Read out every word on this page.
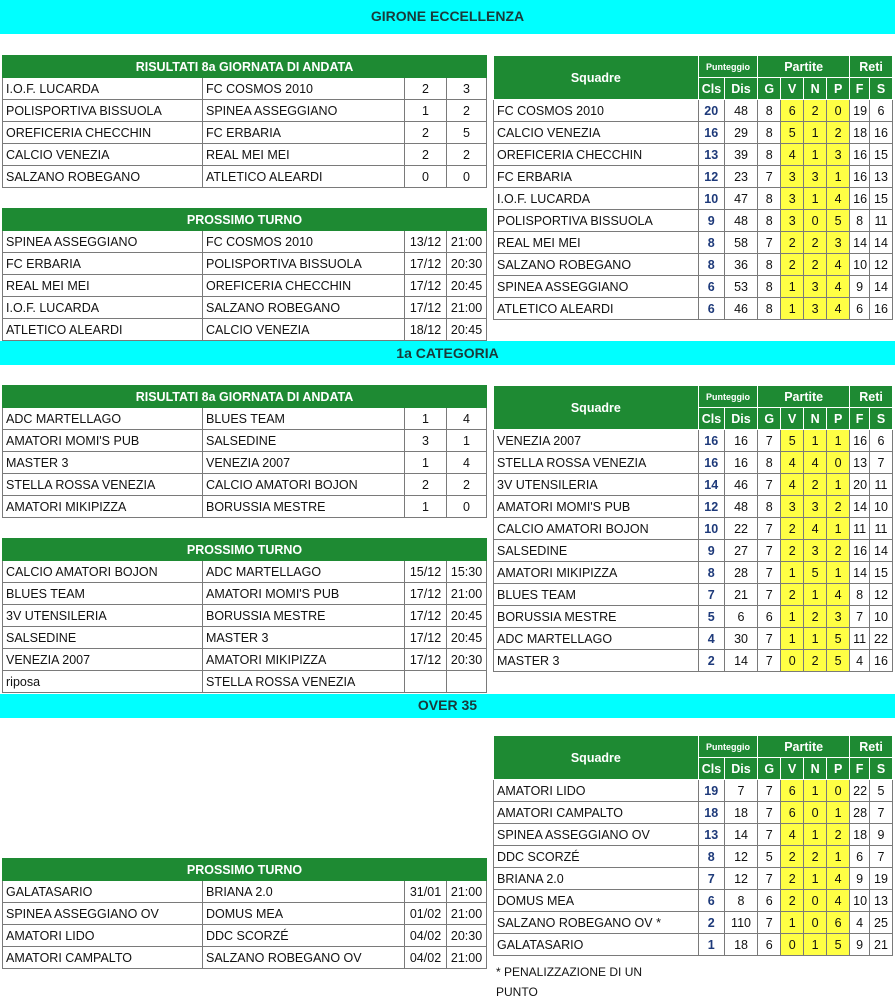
GIRONE ECCELLENZA
1a CATEGORIA
OVER 35
RISULTATI 8a GIORNATA DI ANDATA			
I.O.F. LUCARDA	FC COSMOS 2010	2	3
POLISPORTIVA BISSUOLA	SPINEA ASSEGGIANO	1	2
OREFICERIA CHECCHIN	FC ERBARIA	2	5
CALCIO VENEZIA	REAL MEI MEI	2	2
SALZANO ROBEGANO	ATLETICO ALEARDI	0	0
PROSSIMO TURNO			
SPINEA ASSEGGIANO	FC COSMOS 2010	13/12	21:00
FC ERBARIA	POLISPORTIVA BISSUOLA	17/12	20:30
REAL MEI MEI	OREFICERIA CHECCHIN	17/12	20:45
I.O.F. LUCARDA	SALZANO ROBEGANO	17/12	21:00
ATLETICO ALEARDI	CALCIO VENEZIA	18/12	20:45
Squadre	Punteggio		Partite				Reti	
	Cls	Dis	G	V	N	P	F	S
FC COSMOS 2010	20	48	8	6	2	0	19	6
CALCIO VENEZIA	16	29	8	5	1	2	18	16
OREFICERIA CHECCHIN	13	39	8	4	1	3	16	15
FC ERBARIA	12	23	7	3	3	1	16	13
I.O.F. LUCARDA	10	47	8	3	1	4	16	15
POLISPORTIVA BISSUOLA	9	48	8	3	0	5	8	11
REAL MEI MEI	8	58	7	2	2	3	14	14
SALZANO ROBEGANO	8	36	8	2	2	4	10	12
SPINEA ASSEGGIANO	6	53	8	1	3	4	9	14
ATLETICO ALEARDI	6	46	8	1	3	4	6	16
RISULTATI 8a GIORNATA DI ANDATA			
ADC MARTELLAGO	BLUES TEAM	1	4
AMATORI MOMI'S PUB	SALSEDINE	3	1
MASTER 3	VENEZIA 2007	1	4
STELLA ROSSA VENEZIA	CALCIO AMATORI BOJON	2	2
AMATORI MIKIPIZZA	BORUSSIA MESTRE	1	0
PROSSIMO TURNO			
CALCIO AMATORI BOJON	ADC MARTELLAGO	15/12	15:30
BLUES TEAM	AMATORI MOMI'S PUB	17/12	21:00
3V UTENSILERIA	BORUSSIA MESTRE	17/12	20:45
SALSEDINE	MASTER 3	17/12	20:45
VENEZIA 2007	AMATORI MIKIPIZZA	17/12	20:30
riposa	STELLA ROSSA VENEZIA		
Squadre	Punteggio		Partite				Reti	
	Cls	Dis	G	V	N	P	F	S
VENEZIA 2007	16	16	7	5	1	1	16	6
STELLA ROSSA VENEZIA	16	16	8	4	4	0	13	7
3V UTENSILERIA	14	46	7	4	2	1	20	11
AMATORI MOMI'S PUB	12	48	8	3	3	2	14	10
CALCIO AMATORI BOJON	10	22	7	2	4	1	11	11
SALSEDINE	9	27	7	2	3	2	16	14
AMATORI MIKIPIZZA	8	28	7	1	5	1	14	15
BLUES TEAM	7	21	7	2	1	4	8	12
BORUSSIA MESTRE	5	6	6	1	2	3	7	10
ADC MARTELLAGO	4	30	7	1	1	5	11	22
MASTER 3	2	14	7	0	2	5	4	16
PROSSIMO TURNO			
GALATASARIO	BRIANA 2.0	31/01	21:00
SPINEA ASSEGGIANO OV	DOMUS MEA	01/02	21:00
AMATORI LIDO	DDC SCORZÉ	04/02	20:30
AMATORI CAMPALTO	SALZANO ROBEGANO OV	04/02	21:00
Squadre	Punteggio		Partite				Reti	
	Cls	Dis	G	V	N	P	F	S
AMATORI LIDO	19	7	7	6	1	0	22	5
AMATORI CAMPALTO	18	18	7	6	0	1	28	7
SPINEA ASSEGGIANO OV	13	14	7	4	1	2	18	9
DDC SCORZÉ	8	12	5	2	2	1	6	7
BRIANA 2.0	7	12	7	2	1	4	9	19
DOMUS MEA	6	8	6	2	0	4	10	13
SALZANO ROBEGANO OV *	2	110	7	1	0	6	4	25
GALATASARIO	1	18	6	0	1	5	9	21
* PENALIZZAZIONE DI UN PUNTO
